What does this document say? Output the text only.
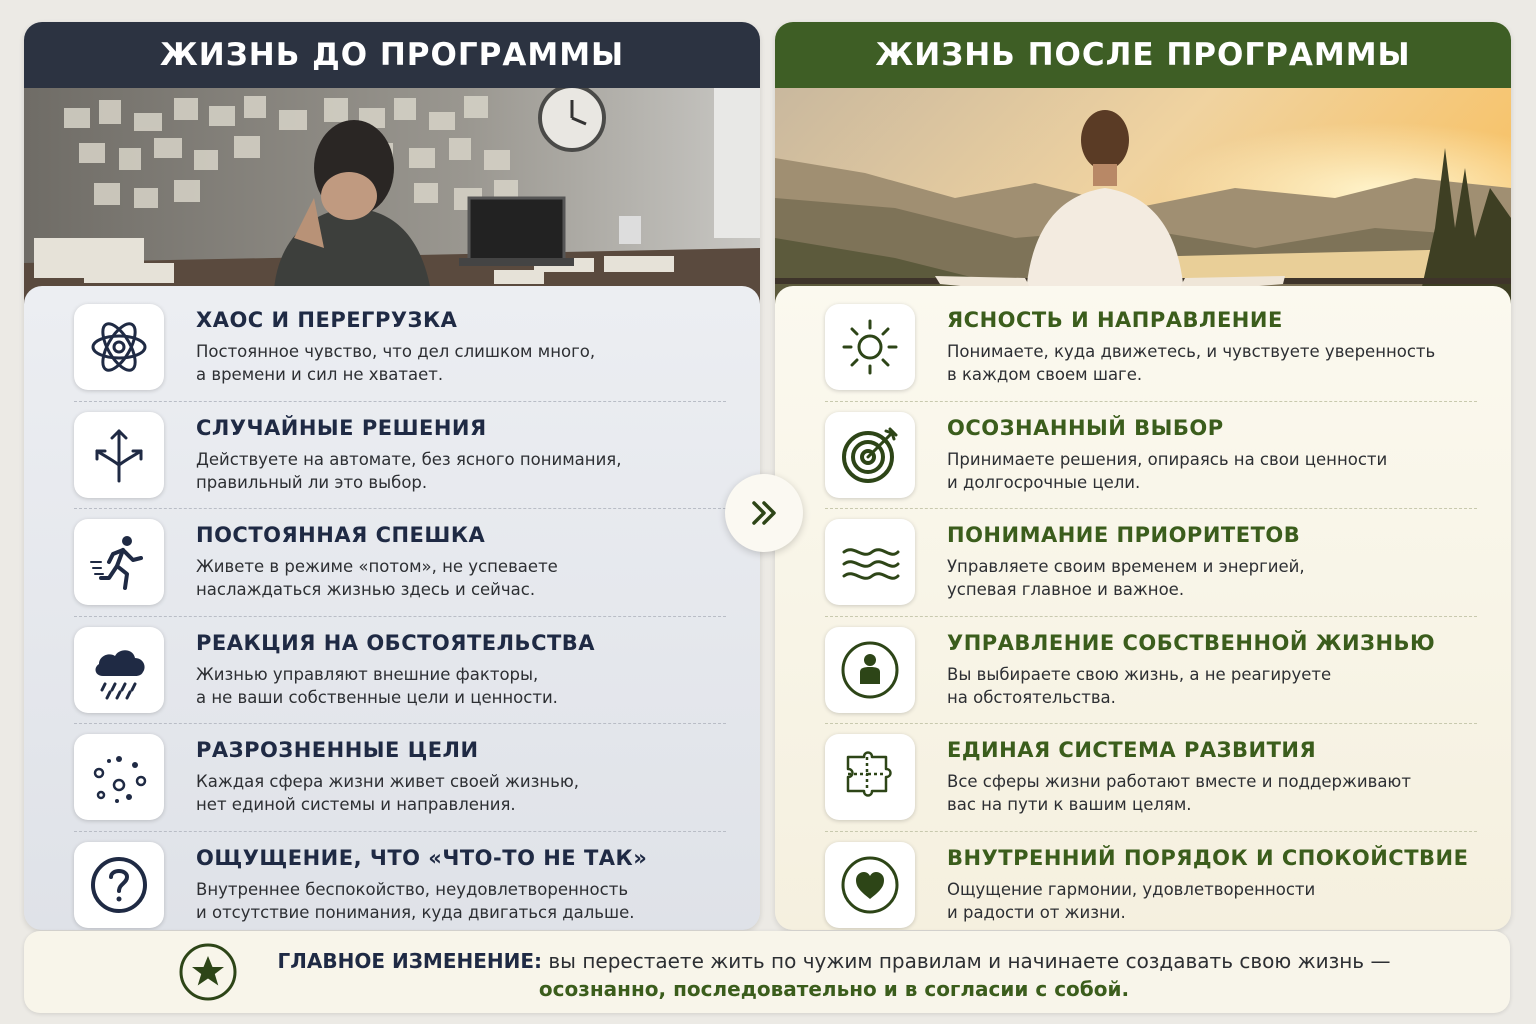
ЖИЗНЬ ДО ПРОГРАММЫ
ХАОС И ПЕРЕГРУЗКА
Постоянное чувство, что дел слишком много,
а времени и сил не хватает.
СЛУЧАЙНЫЕ РЕШЕНИЯ
Действуете на автомате, без ясного понимания,
правильный ли это выбор.
ПОСТОЯННАЯ СПЕШКА
Живете в режиме «потом», не успеваете
наслаждаться жизнью здесь и сейчас.
РЕАКЦИЯ НА ОБСТОЯТЕЛЬСТВА
Жизнью управляют внешние факторы,
а не ваши собственные цели и ценности.
РАЗРОЗНЕННЫЕ ЦЕЛИ
Каждая сфера жизни живет своей жизнью,
нет единой системы и направления.
ОЩУЩЕНИЕ, ЧТО «ЧТО-ТО НЕ ТАК»
Внутреннее беспокойство, неудовлетворенность
и отсутствие понимания, куда двигаться дальше.
ЖИЗНЬ ПОСЛЕ ПРОГРАММЫ
ЯСНОСТЬ И НАПРАВЛЕНИЕ
Понимаете, куда движетесь, и чувствуете уверенность
в каждом своем шаге.
ОСОЗНАННЫЙ ВЫБОР
Принимаете решения, опираясь на свои ценности
и долгосрочные цели.
ПОНИМАНИЕ ПРИОРИТЕТОВ
Управляете своим временем и энергией,
успевая главное и важное.
УПРАВЛЕНИЕ СОБСТВЕННОЙ ЖИЗНЬЮ
Вы выбираете свою жизнь, а не реагируете
на обстоятельства.
ЕДИНАЯ СИСТЕМА РАЗВИТИЯ
Все сферы жизни работают вместе и поддерживают
вас на пути к вашим целям.
ВНУТРЕННИЙ ПОРЯДОК И СПОКОЙСТВИЕ
Ощущение гармонии, удовлетворенности
и радости от жизни.
ГЛАВНОЕ ИЗМЕНЕНИЕ: вы перестаете жить по чужим правилам и начинаете создавать свою жизнь —
осознанно, последовательно и в согласии с собой.
